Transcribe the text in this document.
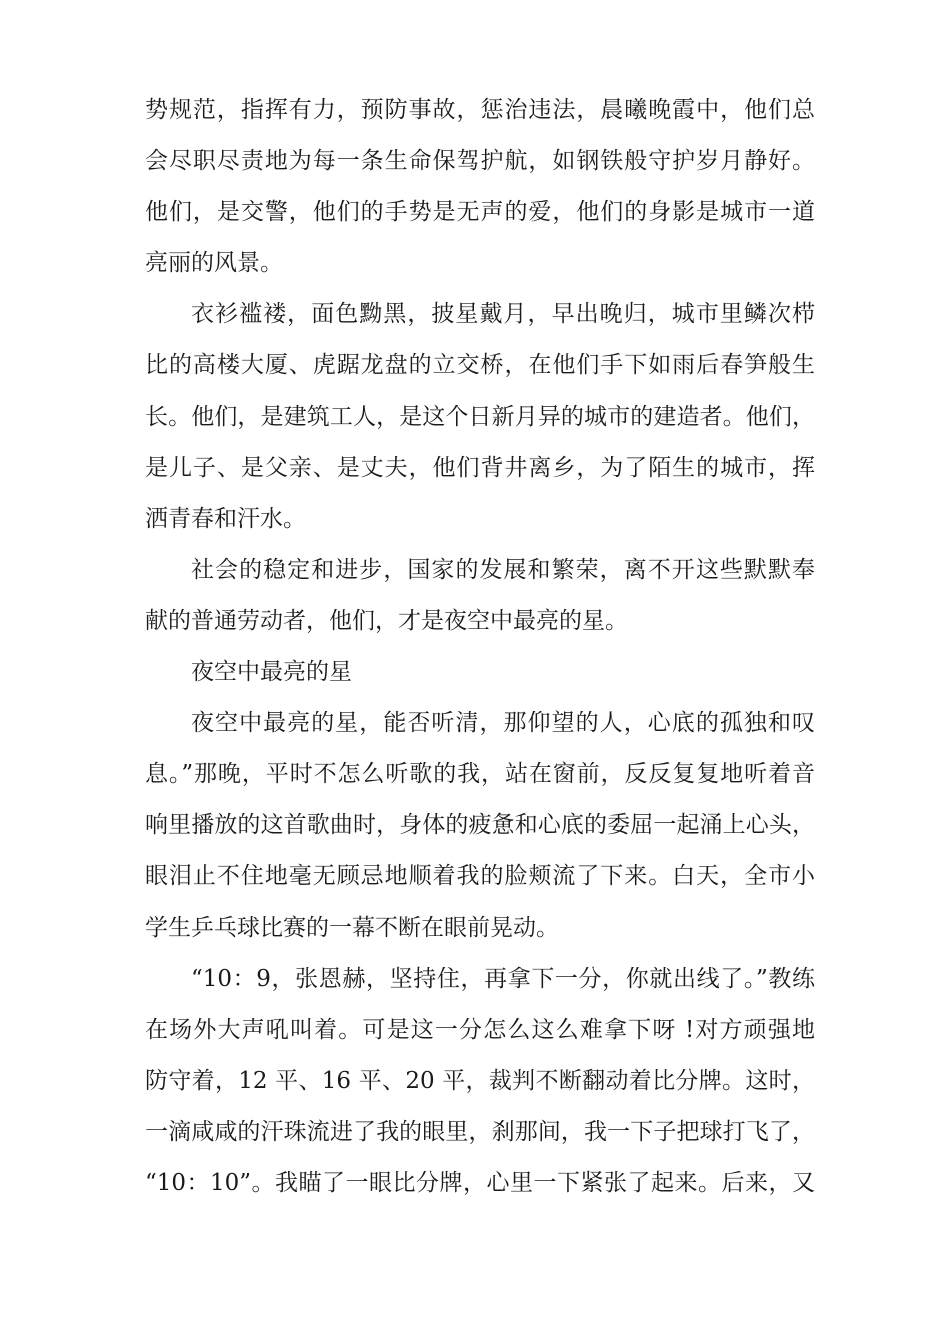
势规范，指挥有力，预防事故，惩治违法，晨曦晚霞中，他们总
会尽职尽责地为每一条生命保驾护航，如钢铁般守护岁月静好。
他们，是交警，他们的手势是无声的爱，他们的身影是城市一道
亮丽的风景。
衣衫褴褛，面色黝黑，披星戴月，早出晚归，城市里鳞次栉
比的高楼大厦、虎踞龙盘的立交桥，在他们手下如雨后春笋般生
长。他们，是建筑工人，是这个日新月异的城市的建造者。他们，
是儿子、是父亲、是丈夫，他们背井离乡，为了陌生的城市，挥
洒青春和汗水。
社会的稳定和进步，国家的发展和繁荣，离不开这些默默奉
献的普通劳动者，他们，才是夜空中最亮的星。
夜空中最亮的星
夜空中最亮的星，能否听清，那仰望的人，心底的孤独和叹
息。”那晚，平时不怎么听歌的我，站在窗前，反反复复地听着音
响里播放的这首歌曲时，身体的疲惫和心底的委屈一起涌上心头，
眼泪止不住地毫无顾忌地顺着我的脸颊流了下来。白天，全市小
学生乒乓球比赛的一幕不断在眼前晃动。
“10：9，张恩赫，坚持住，再拿下一分，你就出线了。”教练
在场外大声吼叫着。可是这一分怎么这么难拿下呀 !对方顽强地
防守着，12 平、16 平、20 平，裁判不断翻动着比分牌。这时，
一滴咸咸的汗珠流进了我的眼里，刹那间，我一下子把球打飞了，
“10：10”。我瞄了一眼比分牌，心里一下紧张了起来。后来，又
